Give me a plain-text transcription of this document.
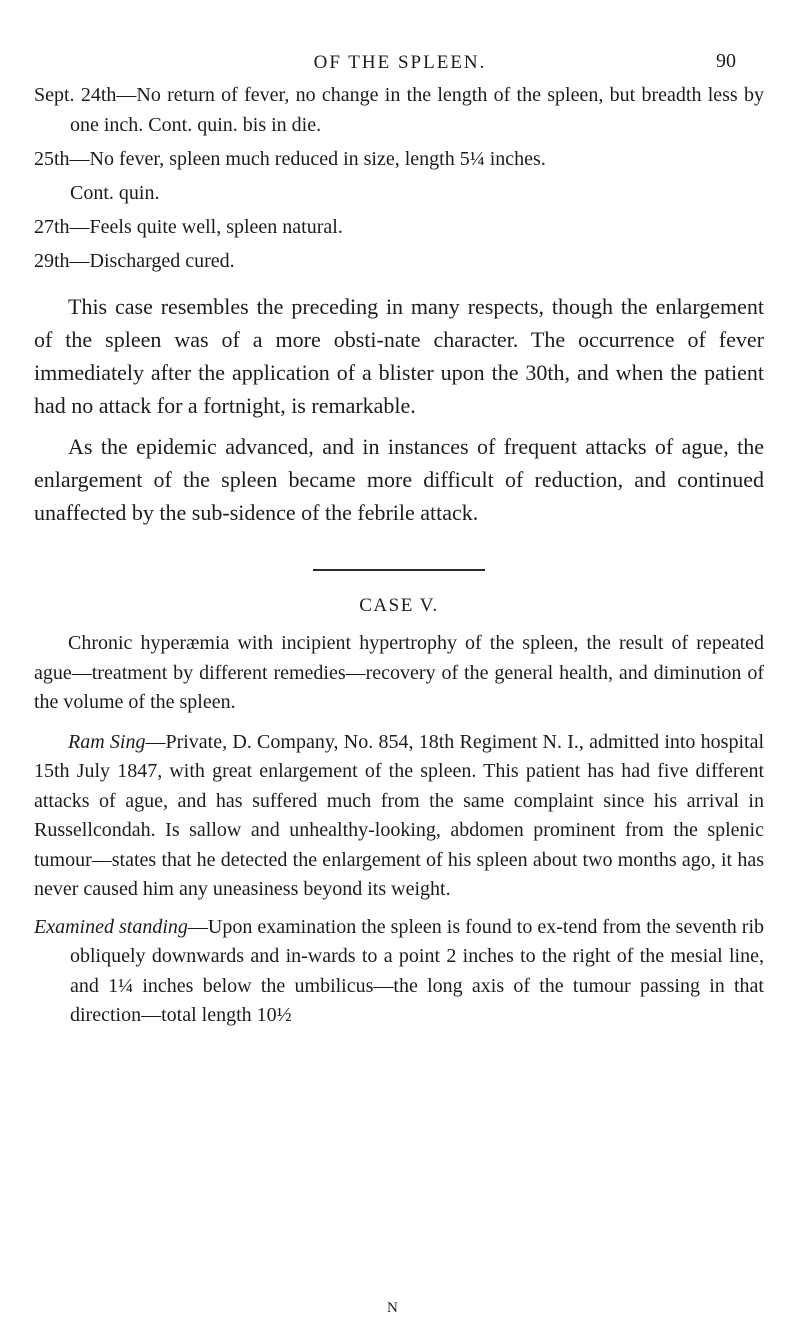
OF THE SPLEEN.	90

Sept. 24th—No return of fever, no change in the length of the spleen, but breadth less by one inch. Cont. quin. bis in die.

25th—No fever, spleen much reduced in size, length 5¼ inches.

Cont. quin.

27th—Feels quite well, spleen natural.

29th—Discharged cured.

This case resembles the preceding in many respects, though the enlargement of the spleen was of a more obsti-nate character. The occurrence of fever immediately after the application of a blister upon the 30th, and when the patient had no attack for a fortnight, is remarkable.

As the epidemic advanced, and in instances of frequent attacks of ague, the enlargement of the spleen became more difficult of reduction, and continued unaffected by the sub-sidence of the febrile attack.

CASE V.

Chronic hyperæmia with incipient hypertrophy of the spleen, the result of repeated ague—treatment by different remedies—recovery of the general health, and diminution of the volume of the spleen.

Ram Sing—Private, D. Company, No. 854, 18th Regiment N. I., admitted into hospital 15th July 1847, with great enlargement of the spleen. This patient has had five different attacks of ague, and has suffered much from the same complaint since his arrival in Russellcondah. Is sallow and unhealthy-looking, abdomen prominent from the splenic tumour—states that he detected the enlargement of his spleen about two months ago, it has never caused him any uneasiness beyond its weight.

Examined standing—Upon examination the spleen is found to ex-tend from the seventh rib obliquely downwards and in-wards to a point 2 inches to the right of the mesial line, and 1¼ inches below the umbilicus—the long axis of the tumour passing in that direction—total length 10½

N
